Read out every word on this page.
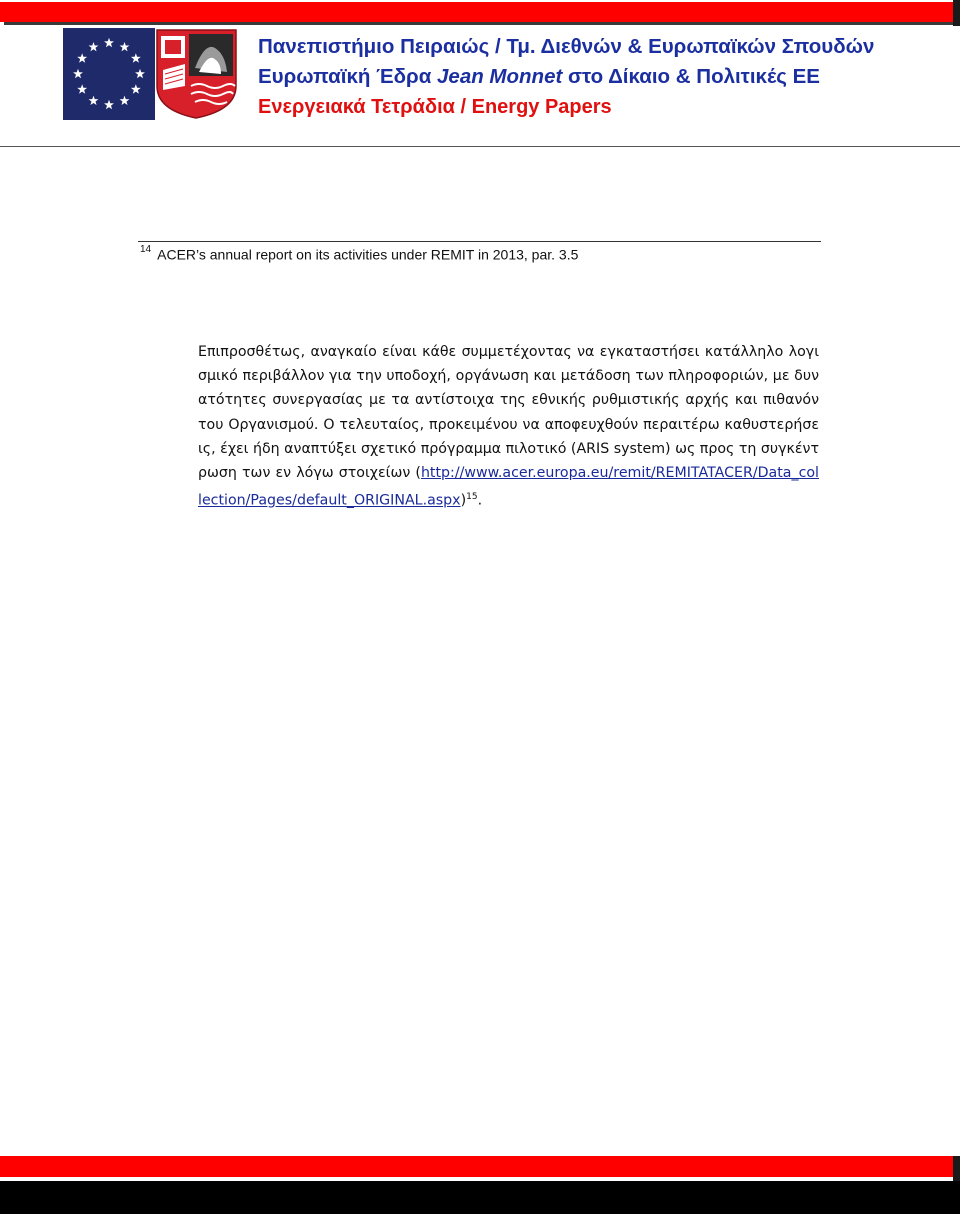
Πανεπιστήμιο Πειραιώς / Τμ. Διεθνών & Ευρωπαϊκών Σπουδών
Ευρωπαϊκή Έδρα Jean Monnet στο Δίκαιο & Πολιτικές ΕΕ
Ενεργειακά Τετράδια / Energy Papers
$^{14}$ ACER’s annual report on its activities under REMIT in 2013, par. 3.5
Επιπροσθέτως, αναγκαίο είναι κάθε συμμετέχοντας να εγκαταστήσει κατάλληλο λογισμικό περιβάλλον για την υποδοχή, οργάνωση και μετάδοση των πληροφοριών, με δυνατότητες συνεργασίας με τα αντίστοιχα της εθνικής ρυθμιστικής αρχής και πιθανόν του Οργανισμού. Ο τελευταίος, προκειμένου να αποφευχθούν περαιτέρω καθυστερήσεις, έχει ήδη αναπτύξει σχετικό πρόγραμμα πιλοτικό (ARIS system) ως προς τη συγκέντρωση των εν λόγω στοιχείων (http://www.acer.europa.eu/remit/REMITATACER/Data_collection/Pages/default_ORIGINAL.aspx)$^{15}$.
